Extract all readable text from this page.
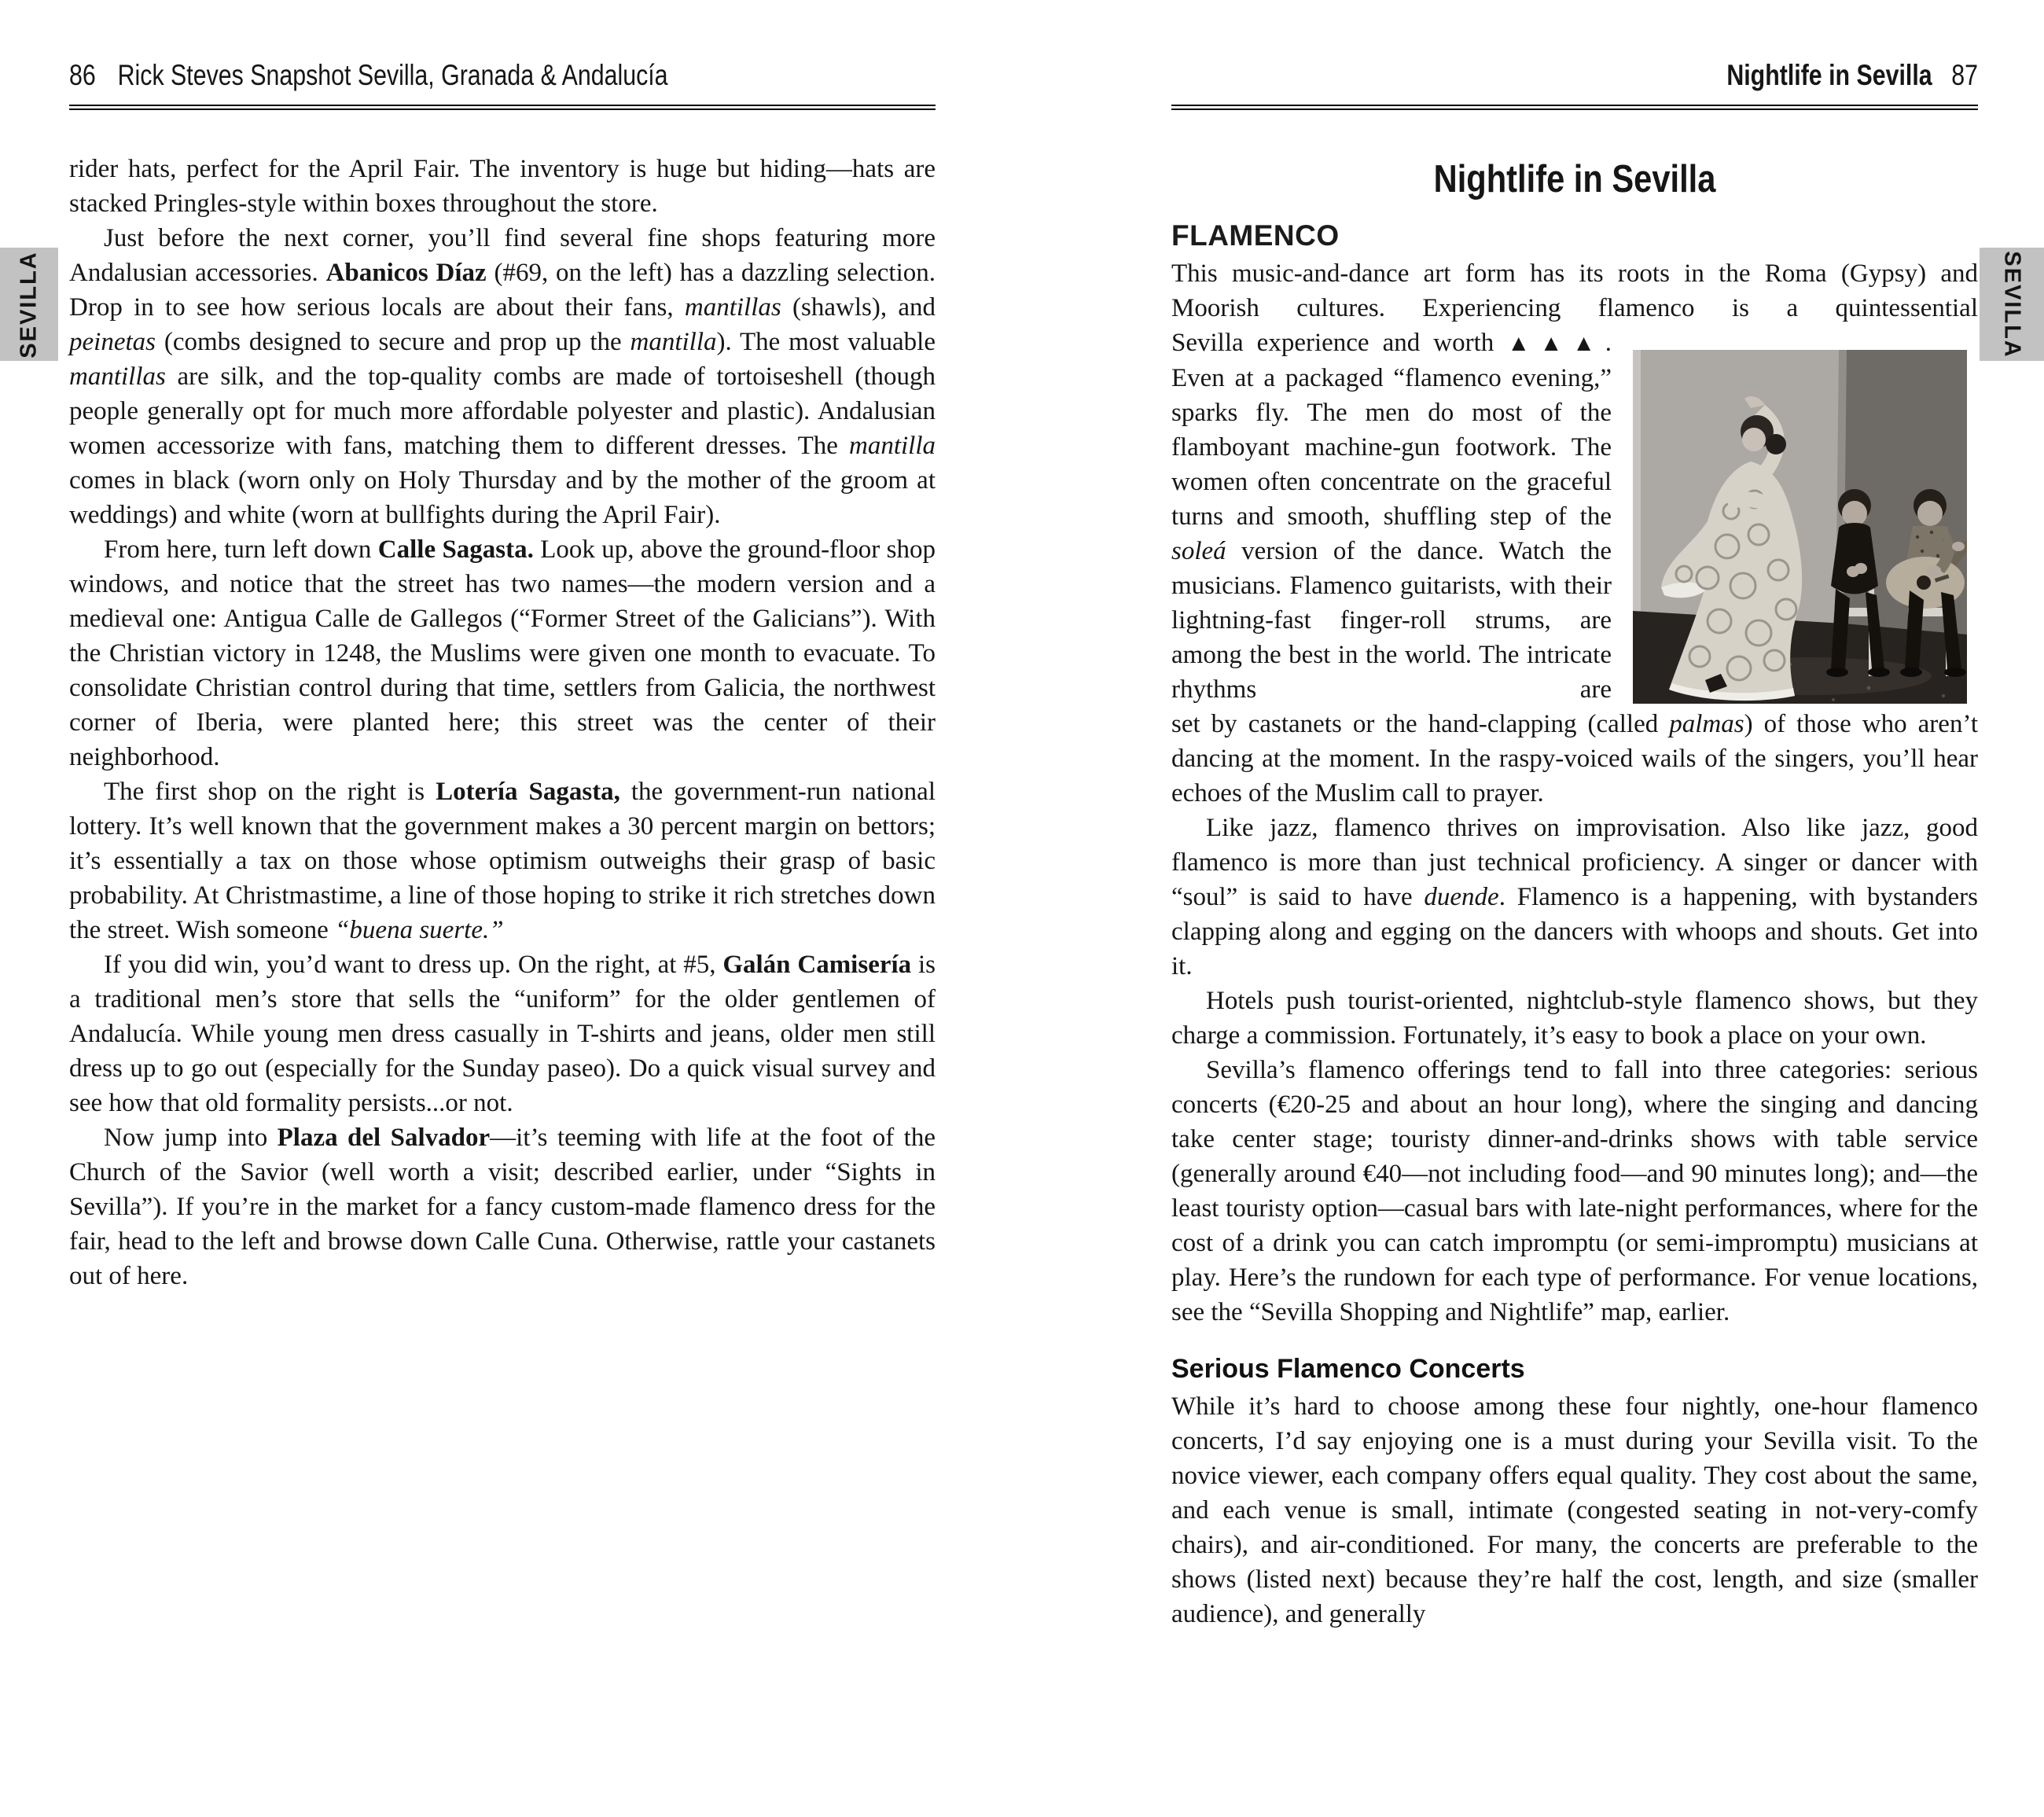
86 Rick Steves Snapshot Sevilla, Granada & Andalucía

rider hats, perfect for the April Fair. The inventory is huge but hiding—hats are stacked Pringles-style within boxes throughout the store.

Just before the next corner, you’ll find several fine shops featuring more Andalusian accessories. Abanicos Díaz (#69, on the left) has a dazzling selection. Drop in to see how serious locals are about their fans, mantillas (shawls), and peinetas (combs designed to secure and prop up the mantilla). The most valuable mantillas are silk, and the top-quality combs are made of tortoiseshell (though people generally opt for much more affordable polyester and plastic). Andalusian women accessorize with fans, matching them to different dresses. The mantilla comes in black (worn only on Holy Thursday and by the mother of the groom at weddings) and white (worn at bullfights during the April Fair).

From here, turn left down Calle Sagasta. Look up, above the ground-floor shop windows, and notice that the street has two names—the modern version and a medieval one: Antigua Calle de Gallegos (“Former Street of the Galicians”). With the Christian victory in 1248, the Muslims were given one month to evacuate. To consolidate Christian control during that time, settlers from Galicia, the northwest corner of Iberia, were planted here; this street was the center of their neighborhood.

The first shop on the right is Lotería Sagasta, the government-run national lottery. It’s well known that the government makes a 30 percent margin on bettors; it’s essentially a tax on those whose optimism outweighs their grasp of basic probability. At Christmastime, a line of those hoping to strike it rich stretches down the street. Wish someone “buena suerte.”

If you did win, you’d want to dress up. On the right, at #5, Galán Camisería is a traditional men’s store that sells the “uniform” for the older gentlemen of Andalucía. While young men dress casually in T-shirts and jeans, older men still dress up to go out (especially for the Sunday paseo). Do a quick visual survey and see how that old formality persists...or not.

Now jump into Plaza del Salvador—it’s teeming with life at the foot of the Church of the Savior (well worth a visit; described earlier, under “Sights in Sevilla”). If you’re in the market for a fancy custom-made flamenco dress for the fair, head to the left and browse down Calle Cuna. Otherwise, rattle your castanets out of here.

Nightlife in Sevilla 87
Nightlife in Sevilla
FLAMENCO
This music-and-dance art form has its roots in the Roma (Gypsy) and Moorish cultures. Experiencing flamenco is a quintessential
Sevilla experience and worth ▲▲▲. Even at a packaged “flamenco evening,” sparks fly. The men do most of the flamboyant machine-gun footwork. The women often concentrate on the graceful turns and smooth, shuffling step of the soleá version of the dance. Watch the musicians. Flamenco guitarists, with their lightning-fast finger-roll strums, are among the best in the world. The intricate rhythms are
set by castanets or the hand-clapping (called palmas) of those who aren’t dancing at the moment. In the raspy-voiced wails of the singers, you’ll hear echoes of the Muslim call to prayer.

Like jazz, flamenco thrives on improvisation. Also like jazz, good flamenco is more than just technical proficiency. A singer or dancer with “soul” is said to have duende. Flamenco is a happening, with bystanders clapping along and egging on the dancers with whoops and shouts. Get into it.

Hotels push tourist-oriented, nightclub-style flamenco shows, but they charge a commission. Fortunately, it’s easy to book a place on your own.

Sevilla’s flamenco offerings tend to fall into three categories: serious concerts (€20-25 and about an hour long), where the singing and dancing take center stage; touristy dinner-and-drinks shows with table service (generally around €40—not including food—and 90 minutes long); and—the least touristy option—casual bars with late-night performances, where for the cost of a drink you can catch impromptu (or semi-impromptu) musicians at play. Here’s the rundown for each type of performance. For venue locations, see the “Sevilla Shopping and Nightlife” map, earlier.

Serious Flamenco Concerts

While it’s hard to choose among these four nightly, one-hour flamenco concerts, I’d say enjoying one is a must during your Sevilla visit. To the novice viewer, each company offers equal quality. They cost about the same, and each venue is small, intimate (congested seating in not-very-comfy chairs), and air-conditioned. For many, the concerts are preferable to the shows (listed next) because they’re half the cost, length, and size (smaller audience), and generally

SEVILLA	SEVILLA
